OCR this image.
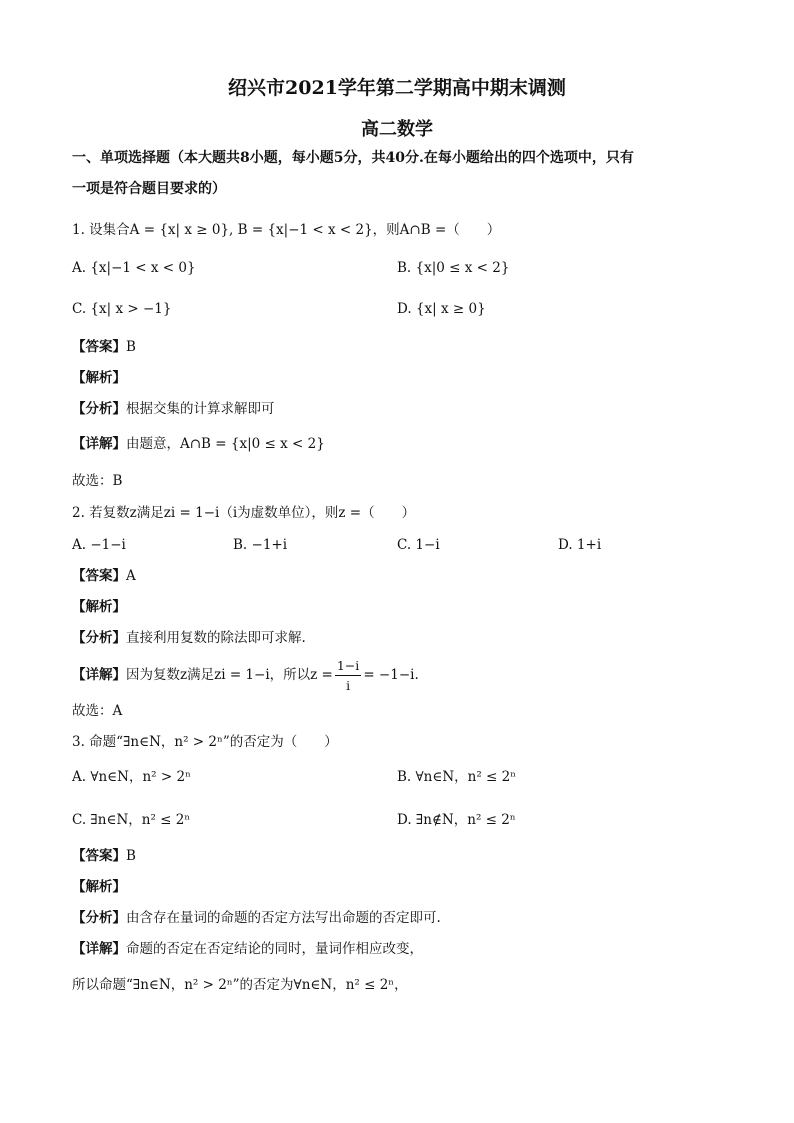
绍兴市2021学年第二学期高中期末调测
高二数学
一、单项选择题（本大题共8小题，每小题5分，共40分.在每小题给出的四个选项中，只有
一项是符合题目要求的）
1. 设集合A = {x| x ≥ 0}, B = {x|−1 < x < 2}，则A∩B =（　　）
A. {x|−1 < x < 0}	B. {x|0 ≤ x < 2}
C. {x| x > −1}	D. {x| x ≥ 0}
【答案】B
【解析】
【分析】根据交集的计算求解即可
【详解】由题意，A∩B = {x|0 ≤ x < 2}
故选：B
2. 若复数z满足zi = 1−i（i为虚数单位），则z =（　　）
A. −1−i	B. −1+i	C. 1−i	D. 1+i
【答案】A
【解析】
【分析】直接利用复数的除法即可求解.
【详解】因为复数z满足zi = 1−i，所以$z = \frac{1-i}{i} = -1-i$.
故选：A
3. 命题“∃n∈N，n² > 2ⁿ”的否定为（　　）
A. ∀n∈N，n² > 2ⁿ	B. ∀n∈N，n² ≤ 2ⁿ
C. ∃n∈N，n² ≤ 2ⁿ	D. ∃n∉N，n² ≤ 2ⁿ
【答案】B
【解析】
【分析】由含存在量词的命题的否定方法写出命题的否定即可.
【详解】命题的否定在否定结论的同时，量词作相应改变，
所以命题“∃n∈N，n² > 2ⁿ”的否定为∀n∈N，n² ≤ 2ⁿ，
